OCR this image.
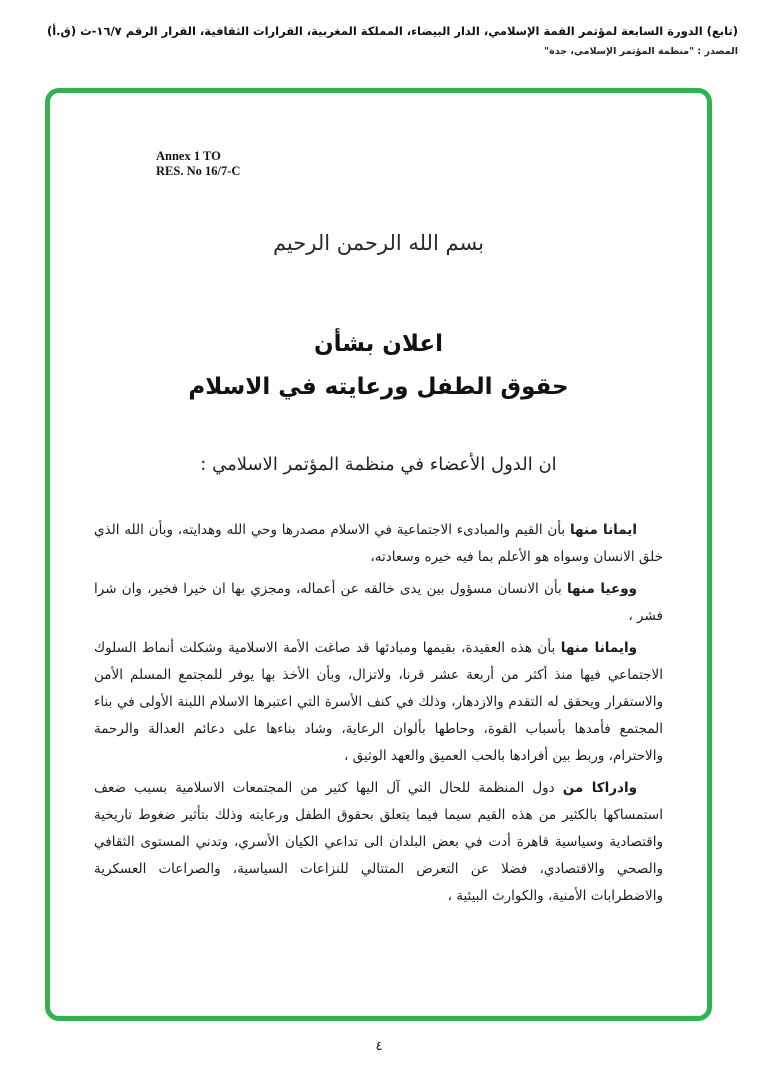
(تابع) الدورة السابعة لمؤتمر القمة الإسلامي، الدار البيضاء، المملكة المغربية، القرارات الثقافية، القرار الرقم ١٦/٧-ث (ق.أ)
المصدر : "منظمة المؤتمر الإسلامي، جدة"
Annex 1 TO
RES. No 16/7-C
بسم الله الرحمن الرحيم
اعلان بشأن
حقوق الطفل ورعايته في الاسلام
ان الدول الأعضاء في منظمة المؤتمر الاسلامي :

ايمانا منها بأن القيم والمبادىء الاجتماعية في الاسلام مصدرها وحي الله وهدايته، وبأن الله الذي خلق الانسان وسواه هو الأعلم بما فيه خيره وسعادته،

ووعيا منها بأن الانسان مسؤول بين يدى خالقه عن أعماله، ومجزي بها ان خيرا فخير، وان شرا فشر ،

وايمانا منها بأن هذه العقيدة، بقيمها ومبادئها قد صاغت الأمة الاسلامية وشكلت أنماط السلوك الاجتماعي فيها منذ أكثر من أربعة عشر قرنا، ولاتزال، وبأن الأخذ بها يوفر للمجتمع المسلم الأمن والاستقرار ويحقق له التقدم والازدهار، وذلك في كنف الأسرة التي اعتبرها الاسلام اللبنة الأولى في بناء المجتمع فأمدها بأسباب القوة، وحاطها بألوان الرعاية، وشاد بناءها على دعائم العدالة والرحمة والاحترام، وربط بين أفرادها بالحب العميق والعهد الوثيق ،

وادراكا من دول المنظمة للحال التي آل اليها كثير من المجتمعات الاسلامية بسبب ضعف استمساكها بالكثير من هذه القيم سيما فيما يتعلق بحقوق الطفل ورعايته وذلك بتأثير ضغوط تاريخية واقتصادية وسياسية قاهرة أدت في بعض البلدان الى تداعي الكيان الأسري، وتدني المستوى الثقافي والصحي والاقتصادي، فضلا عن التعرض المتتالي للنزاعات السياسية، والصراعات العسكرية والاضطرابات الأمنية، والكوارث البيئية ،

٤
